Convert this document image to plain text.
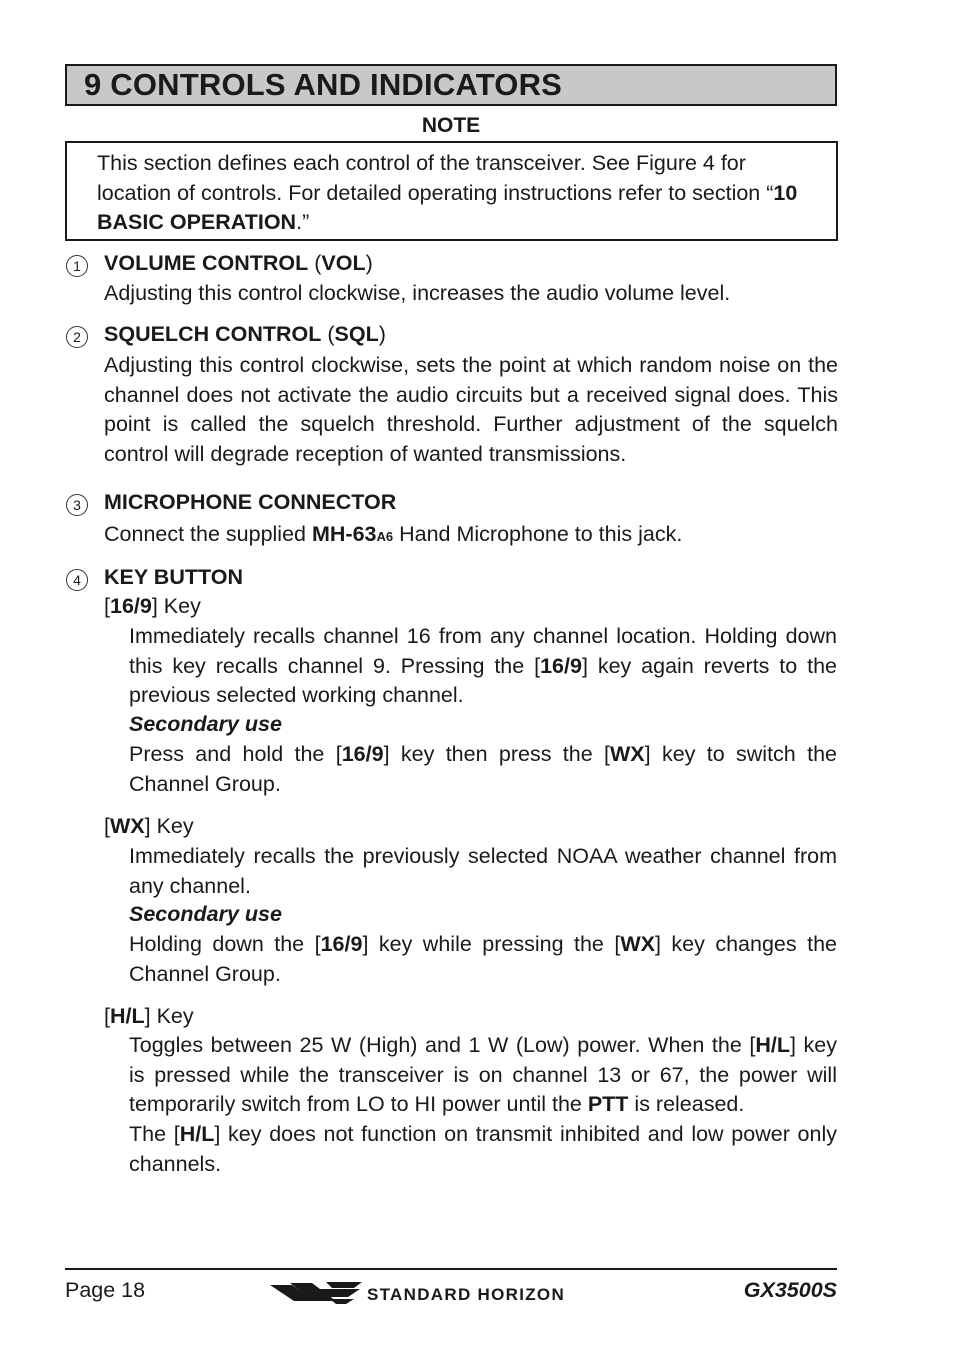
9 CONTROLS AND INDICATORS
NOTE
This section defines each control of the transceiver. See Figure 4 for location of controls. For detailed operating instructions refer to section “10 BASIC OPERATION.”
1	VOLUME CONTROL (VOL)
Adjusting this control clockwise, increases the audio volume level.
2	SQUELCH CONTROL (SQL)
Adjusting this control clockwise, sets the point at which random noise on the channel does not activate the audio circuits but a received signal does. This point is called the squelch threshold. Further adjustment of the squelch control will degrade reception of wanted transmissions.
3	MICROPHONE CONNECTOR
Connect the supplied MH-63A6 Hand Microphone to this jack.
4	KEY BUTTON
[16/9] Key
Immediately recalls channel 16 from any channel location. Holding down this key recalls channel 9. Pressing the [16/9] key again reverts to the previous selected working channel.
Secondary use
Press and hold the [16/9] key then press the [WX] key to switch the Channel Group.
[WX] Key
Immediately recalls the previously selected NOAA weather channel from any channel.
Secondary use
Holding down the [16/9] key while pressing the [WX] key changes the Channel Group.
[H/L] Key
Toggles between 25 W (High) and 1 W (Low) power. When the [H/L] key is pressed while the transceiver is on channel 13 or 67, the power will temporarily switch from LO to HI power until the PTT is released.
The [H/L] key does not function on transmit inhibited and low power only channels.
Page 18	STANDARD HORIZON	GX3500S
